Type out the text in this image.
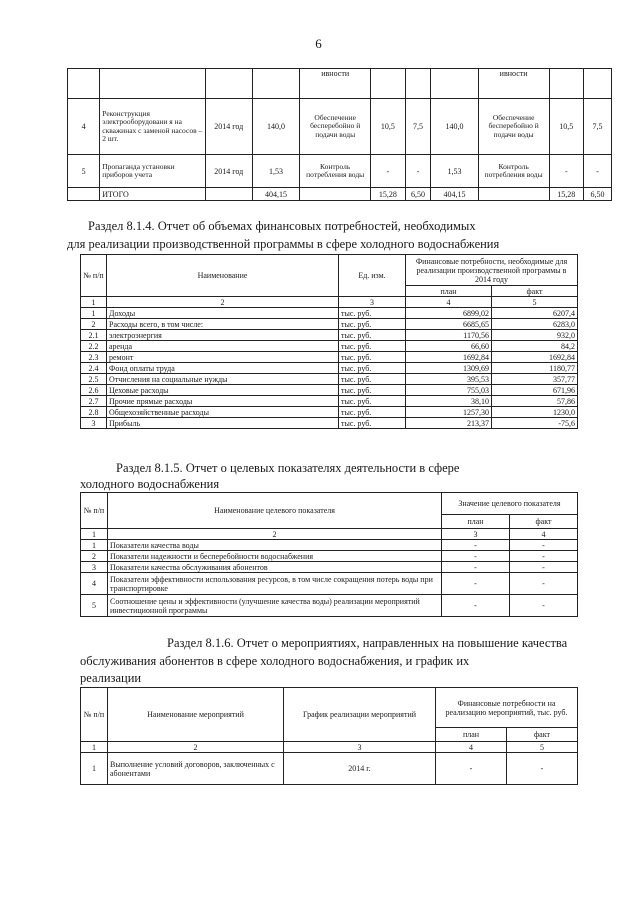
6
				ивности				ивности		
4	Реконструкция электрооборудовани я на скважинах с заменой насосов – 2 шт.	2014 год	140,0	Обеспечение бесперебойно й подачи воды	10,5	7,5	140,0	Обеспечение бесперебойно й подачи воды	10,5	7,5
5	Пропаганда установки приборов учета	2014 год	1,53	Контроль потребления воды	-	-	1,53	Контроль потребления воды	-	-
	ИТОГО		404,15		15,28	6,50	404,15		15,28	6,50
Раздел 8.1.4. Отчет об объемах финансовых потребностей, необходимых
для реализации производственной программы в сфере холодного водоснабжения
№ п/п	Наименование	Ед. изм.	Финансовые потребности, необходимые для реализации производственной программы в 2014 году	
			план	факт
1	2	3	4	5
1	Доходы	тыс. руб.	6899,02	6207,4
2	Расходы всего, в том числе:	тыс. руб.	6685,65	6283,0
2.1	электроэнергия	тыс. руб.	1170,56	932,0
2.2	аренда	тыс. руб.	66,60	84,2
2.3	ремонт	тыс. руб.	1692,84	1692,84
2.4	Фонд оплаты труда	тыс. руб.	1309,69	1180,77
2.5	Отчисления на социальные нужды	тыс. руб.	395,53	357,77
2.6	Цеховые расходы	тыс. руб.	755,03	671,96
2.7	Прочие прямые расходы	тыс. руб.	38,10	57,86
2.8	Общехозяйственные расходы	тыс. руб.	1257,30	1230,0
3	Прибыль	тыс. руб.	213,37	-75,6
Раздел 8.1.5. Отчет о целевых показателях деятельности в сфере
холодного водоснабжения
№ п/п	Наименование целевого показателя	Значение целевого показателя	
		план	факт
1	2	3	4
1	Показатели качества воды	-	-
2	Показатели надежности и бесперебойности водоснабжения	-	-
3	Показатели качества обслуживания абонентов	-	-
4	Показатели эффективности использования ресурсов, в том числе сокращения потерь воды при транспортировке	-	-
5	Соотношение цены и эффективности (улучшение качества воды) реализации мероприятий инвестиционной программы	-	-
Раздел 8.1.6. Отчет о мероприятиях, направленных на повышение качества
обслуживания абонентов в сфере холодного водоснабжения, и график их
реализации
№ п/п	Наименование мероприятий	График реализации мероприятий	Финансовые потребности на реализацию мероприятий, тыс. руб.	
			план	факт
1	2	3	4	5
1	Выполнение условий договоров, заключенных с абонентами	2014 г.	-	-
